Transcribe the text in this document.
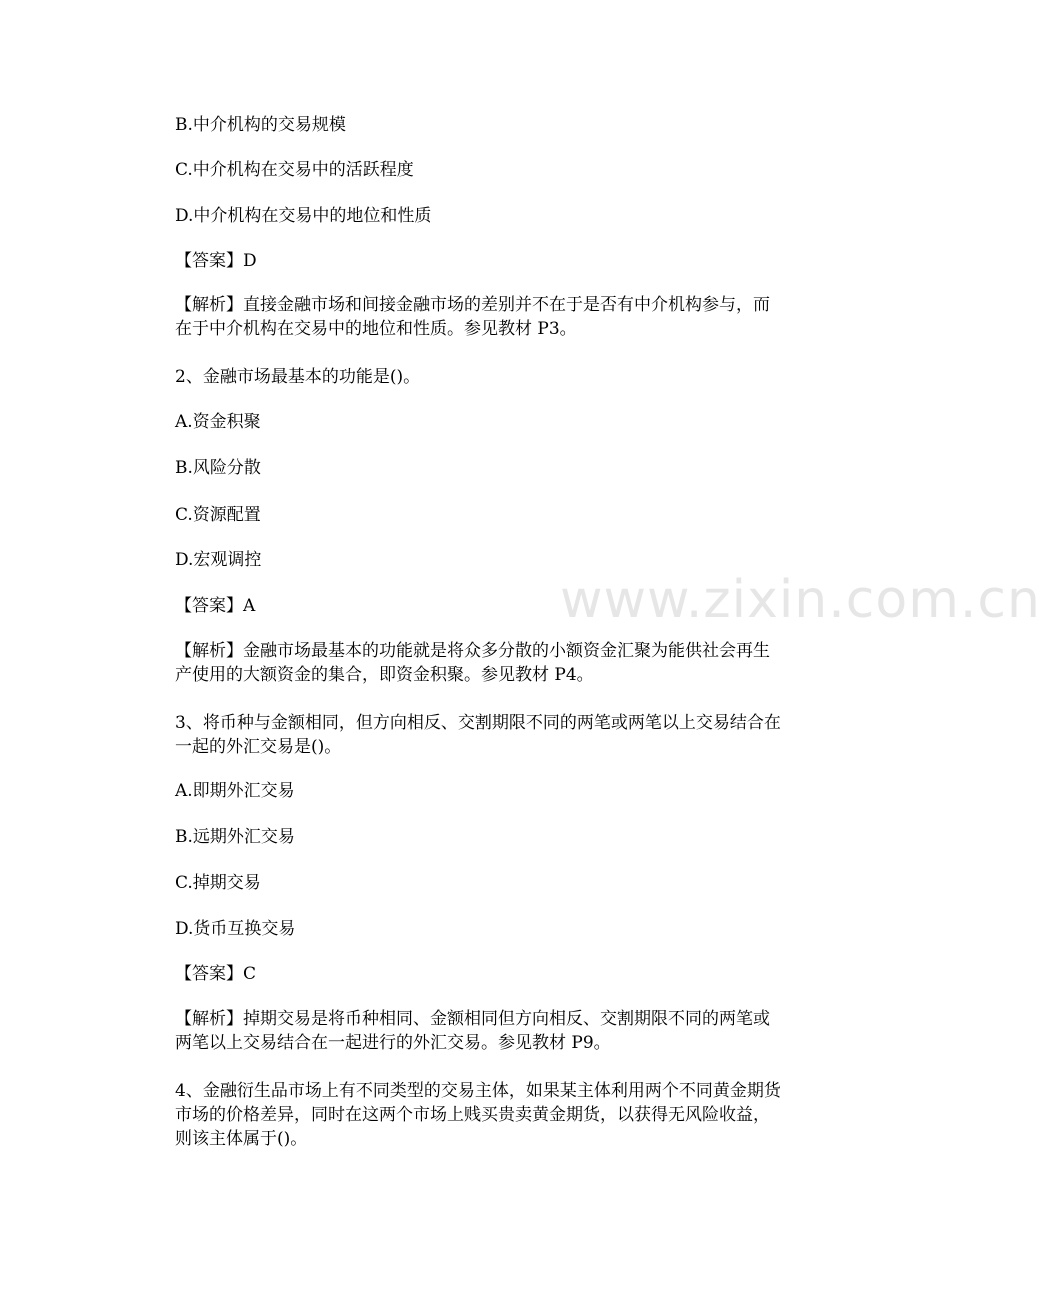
www.zixin.com.cn
B.中介机构的交易规模
C.中介机构在交易中的活跃程度
D.中介机构在交易中的地位和性质
【答案】D
【解析】直接金融市场和间接金融市场的差别并不在于是否有中介机构参与，而在于中介机构在交易中的地位和性质。参见教材 P3。
2、金融市场最基本的功能是()。
A.资金积聚
B.风险分散
C.资源配置
D.宏观调控
【答案】A
【解析】金融市场最基本的功能就是将众多分散的小额资金汇聚为能供社会再生产使用的大额资金的集合，即资金积聚。参见教材 P4。
3、将币种与金额相同，但方向相反、交割期限不同的两笔或两笔以上交易结合在一起的外汇交易是()。
A.即期外汇交易
B.远期外汇交易
C.掉期交易
D.货币互换交易
【答案】C
【解析】掉期交易是将币种相同、金额相同但方向相反、交割期限不同的两笔或两笔以上交易结合在一起进行的外汇交易。参见教材 P9。
4、金融衍生品市场上有不同类型的交易主体，如果某主体利用两个不同黄金期货市场的价格差异，同时在这两个市场上贱买贵卖黄金期货，以获得无风险收益，则该主体属于()。
